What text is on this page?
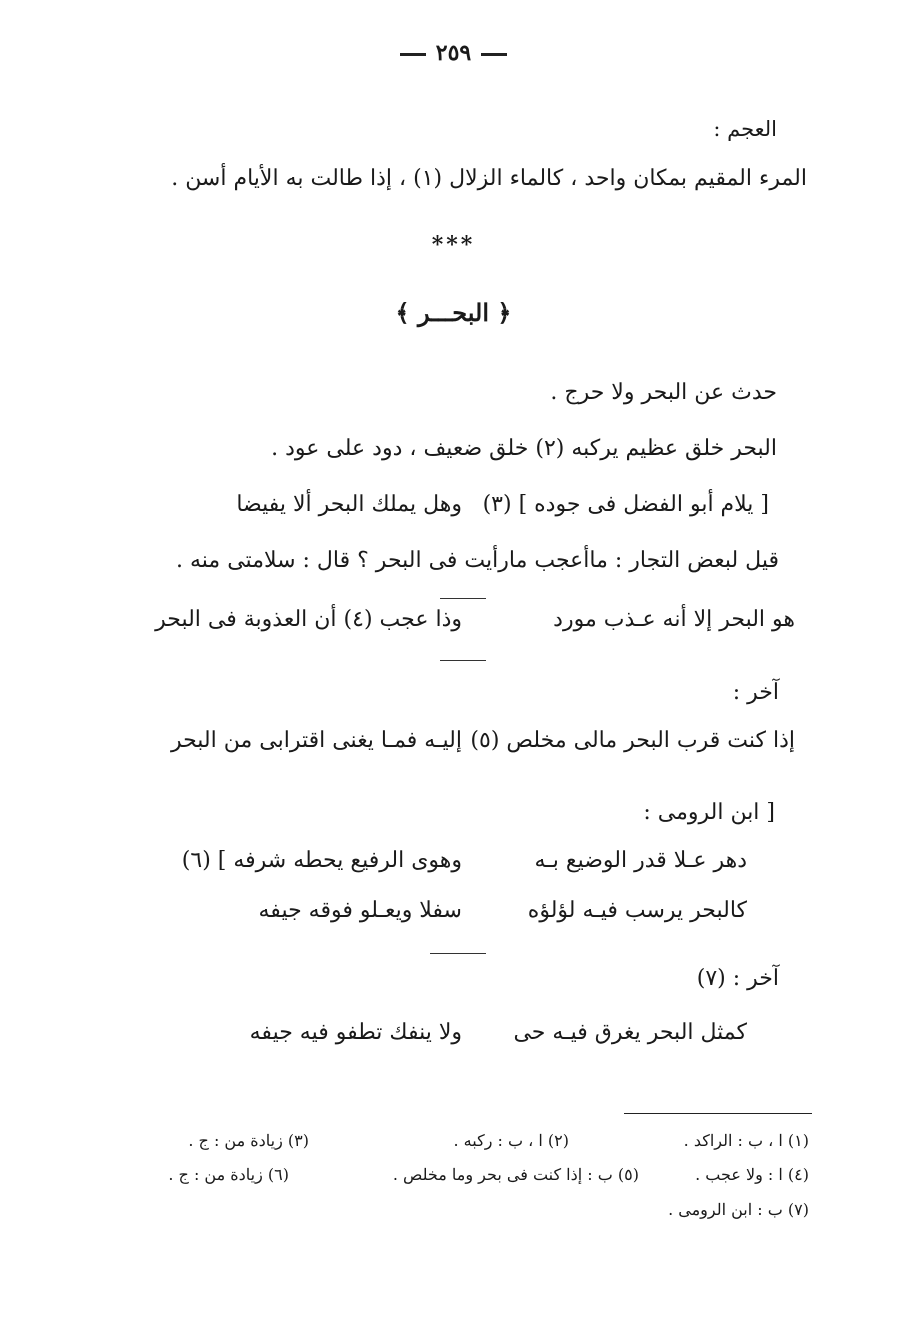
٢٥٩
العجم :
المرء المقيم بمكان واحد ، كالماء الزلال (١) ، إذا طالت به الأيام أسن .
***
﴿ البحـــر ﴾
حدث عن البحر ولا حرج .
البحر خلق عظيم يركبه (٢) خلق ضعيف ، دود على عود .
[ يلام أبو الفضل فى جوده ] (٣)
وهل يملك البحر ألا يفيضا
قيل لبعض التجار : ماأعجب مارأيت فى البحر ؟ قال : سلامتى منه .
هو البحر إلا أنه عـذب مورد
وذا عجب (٤) أن العذوبة فى البحر
آخر :
إذا كنت قرب البحر مالى مخلص (٥)
إليـه فمـا يغنى اقترابى من البحر
[ ابن الرومى :
دهر عـلا قدر الوضيع بـه
وهوى الرفيع يحطه شرفه ] (٦)
كالبحر يرسب فيـه لؤلؤه
سفلا ويعـلو فوقه جيفه
آخر : (٧)
كمثل البحر يغرق فيـه حى
ولا ينفك تطفو فيه جيفه
(١) ا ، ب : الراكد .
(٢) ا ، ب : ركبه .
(٣) زيادة من : ج .
(٤) ا : ولا عجب .
(٥) ب : إذا كنت فى بحر وما مخلص .
(٦) زيادة من : ج .
(٧) ب : ابن الرومى .
